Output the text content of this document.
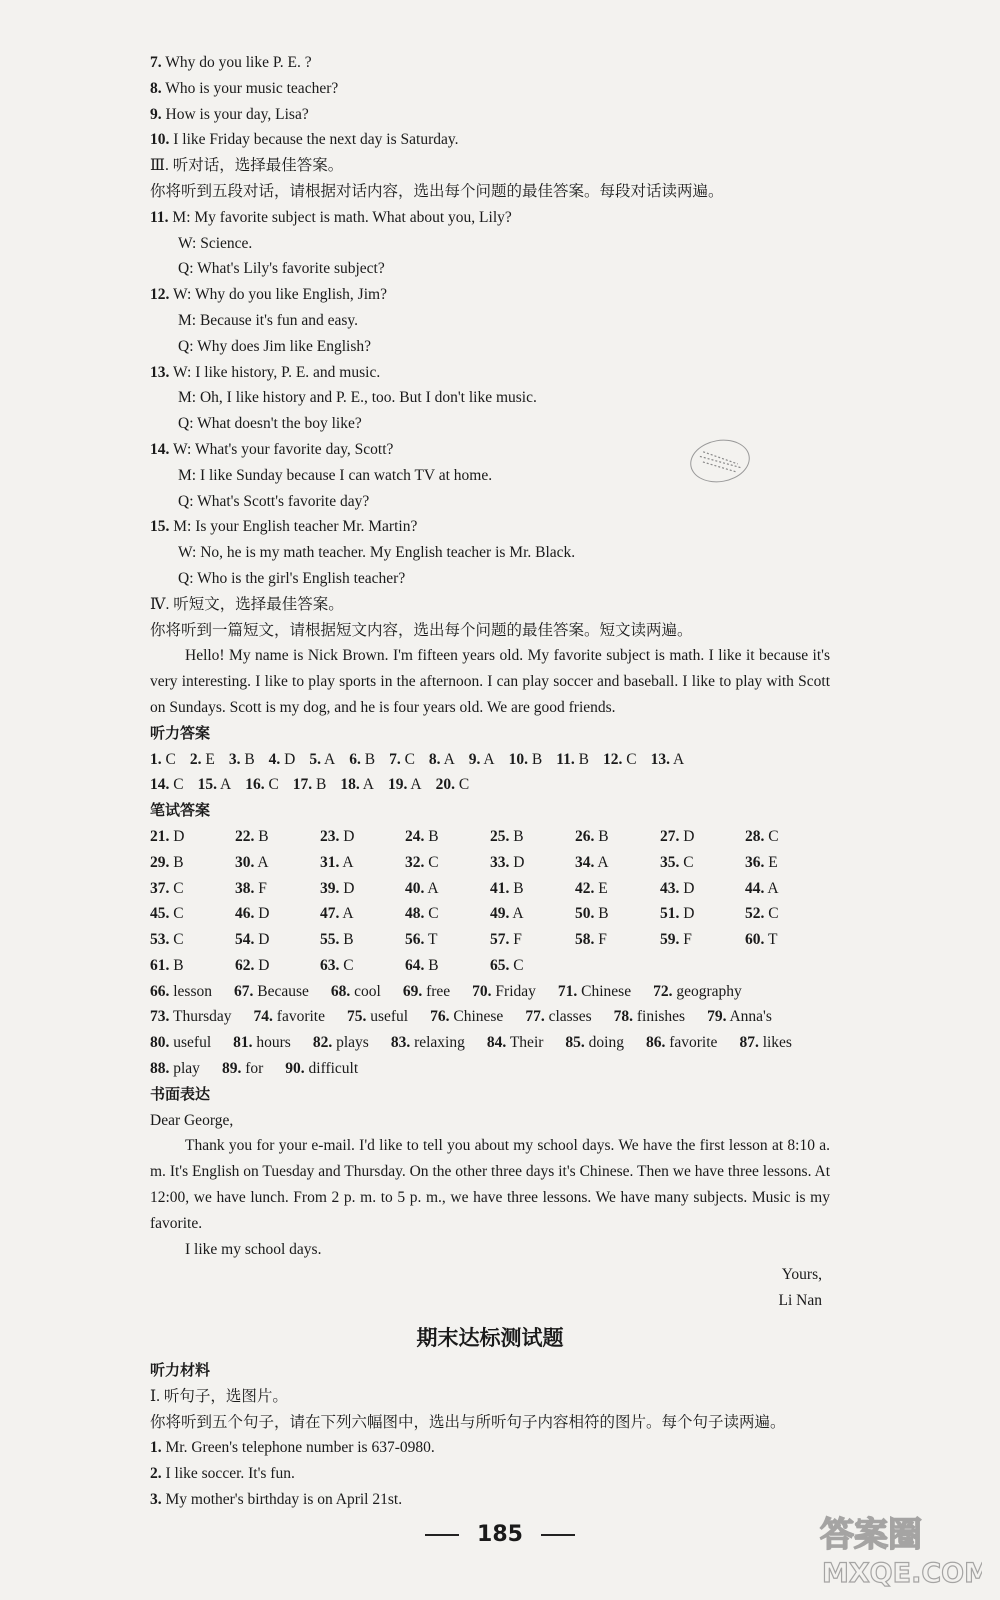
7. Why do you like P. E. ?
8. Who is your music teacher?
9. How is your day, Lisa?
10. I like Friday because the next day is Saturday.
Ⅲ. 听对话，选择最佳答案。
你将听到五段对话，请根据对话内容，选出每个问题的最佳答案。每段对话读两遍。
11. M: My favorite subject is math. What about you, Lily?
W: Science.
Q: What's Lily's favorite subject?
12. W: Why do you like English, Jim?
M: Because it's fun and easy.
Q: Why does Jim like English?
13. W: I like history, P. E. and music.
M: Oh, I like history and P. E., too. But I don't like music.
Q: What doesn't the boy like?
14. W: What's your favorite day, Scott?
M: I like Sunday because I can watch TV at home.
Q: What's Scott's favorite day?
15. M: Is your English teacher Mr. Martin?
W: No, he is my math teacher. My English teacher is Mr. Black.
Q: Who is the girl's English teacher?
Ⅳ. 听短文，选择最佳答案。
你将听到一篇短文，请根据短文内容，选出每个问题的最佳答案。短文读两遍。
Hello! My name is Nick Brown. I'm fifteen years old. My favorite subject is math. I like it because it's very interesting. I like to play sports in the afternoon. I can play soccer and baseball. I like to play with Scott on Sundays. Scott is my dog, and he is four years old. We are good friends.
听力答案
1. C 2. E 3. B 4. D 5. A 6. B 7. C 8. A 9. A 10. B 11. B 12. C 13. A
14. C 15. A 16. C 17. B 18. A 19. A 20. C
笔试答案
21. D	22. B	23. D	24. B	25. B	26. B	27. D	28. C
29. B	30. A	31. A	32. C	33. D	34. A	35. C	36. E
37. C	38. F	39. D	40. A	41. B	42. E	43. D	44. A
45. C	46. D	47. A	48. C	49. A	50. B	51. D	52. C
53. C	54. D	55. B	56. T	57. F	58. F	59. F	60. T
61. B	62. D	63. C	64. B	65. C
66. lesson 67. Because 68. cool 69. free 70. Friday 71. Chinese 72. geography
73. Thursday 74. favorite 75. useful 76. Chinese 77. classes 78. finishes 79. Anna's
80. useful 81. hours 82. plays 83. relaxing 84. Their 85. doing 86. favorite 87. likes
88. play 89. for 90. difficult
书面表达
Dear George,
Thank you for your e-mail. I'd like to tell you about my school days. We have the first lesson at 8:10 a. m. It's English on Tuesday and Thursday. On the other three days it's Chinese. Then we have three lessons. At 12:00, we have lunch. From 2 p. m. to 5 p. m., we have three lessons. We have many subjects. Music is my favorite.
I like my school days.
Yours,
Li Nan
期末达标测试题
听力材料
Ⅰ. 听句子，选图片。
你将听到五个句子，请在下列六幅图中，选出与所听句子内容相符的图片。每个句子读两遍。
1. Mr. Green's telephone number is 637-0980.
2. I like soccer. It's fun.
3. My mother's birthday is on April 21st.
185	答案圈
MXQE.COM
